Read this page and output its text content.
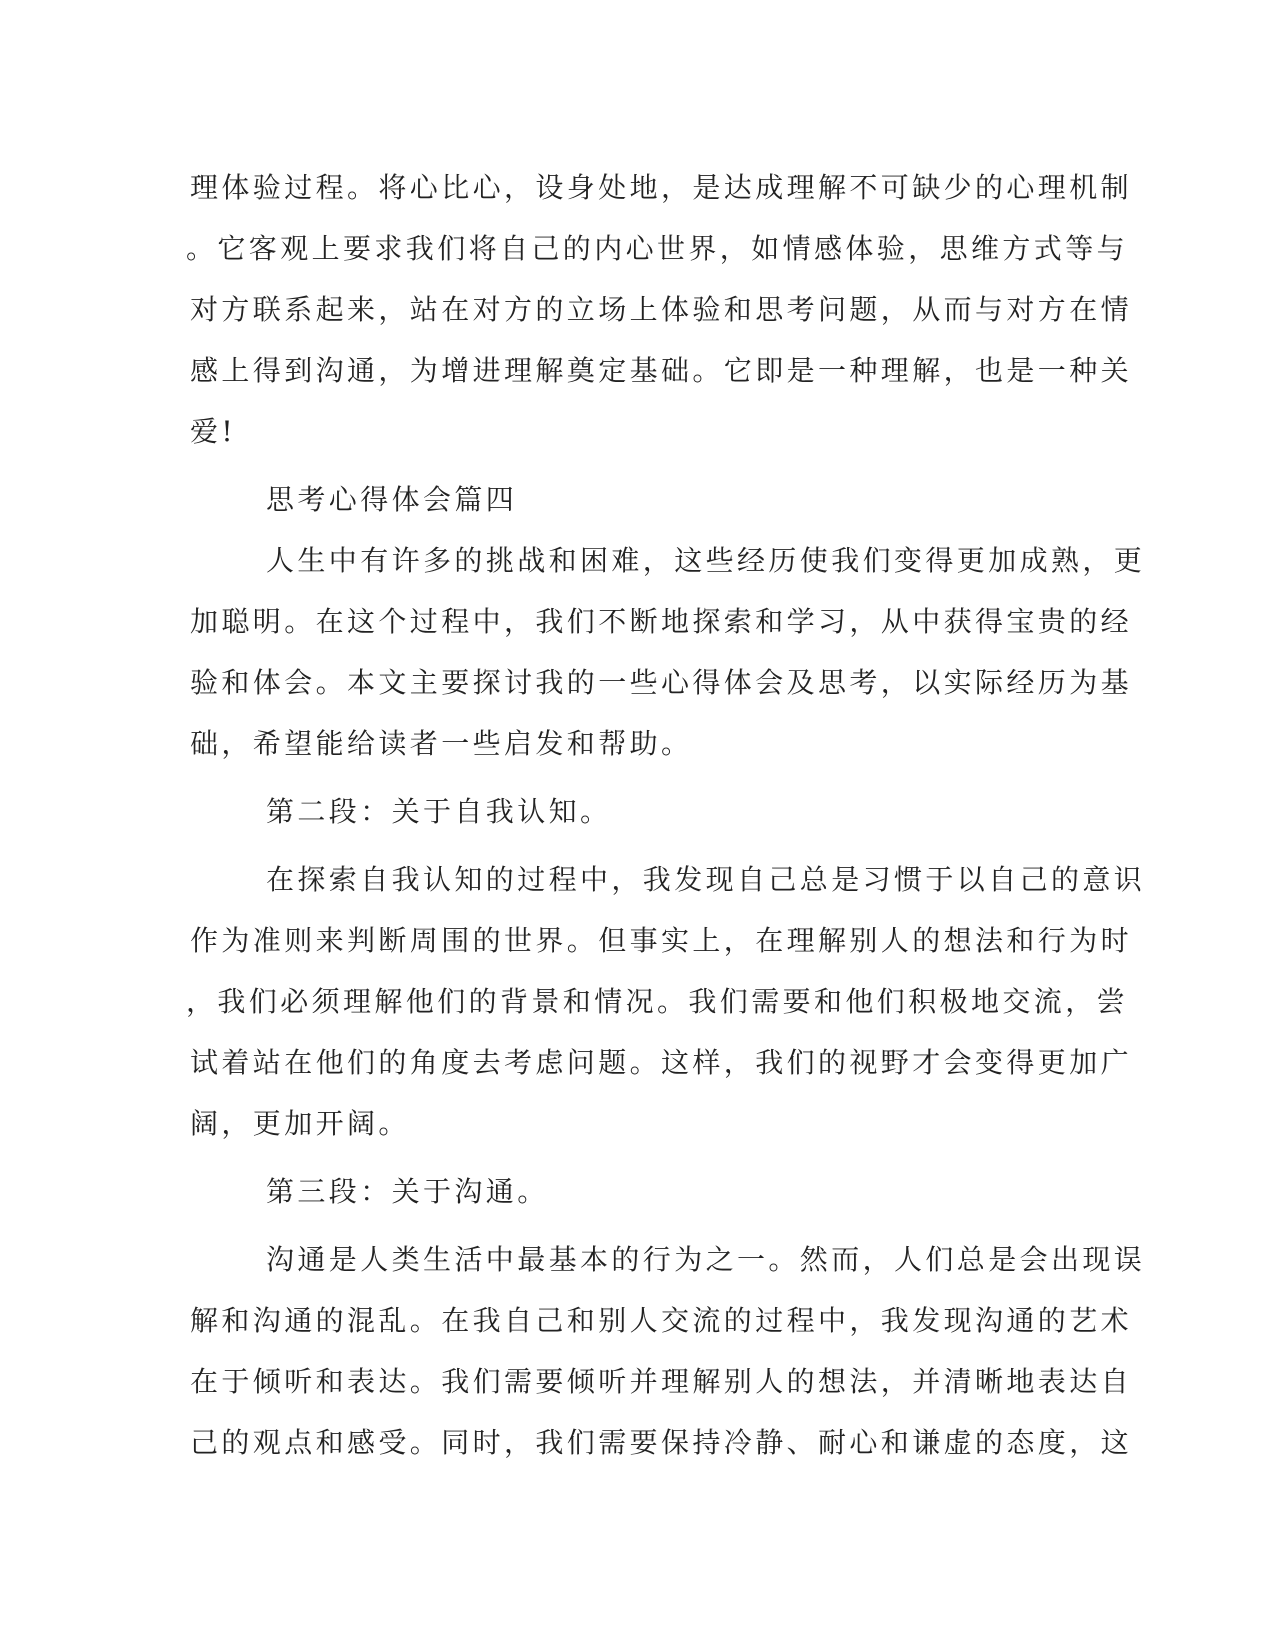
理体验过程。将心比心，设身处地，是达成理解不可缺少的心理机制
。它客观上要求我们将自己的内心世界，如情感体验，思维方式等与
对方联系起来，站在对方的立场上体验和思考问题，从而与对方在情
感上得到沟通，为增进理解奠定基础。它即是一种理解，也是一种关
爱!
思考心得体会篇四
人生中有许多的挑战和困难，这些经历使我们变得更加成熟，更
加聪明。在这个过程中，我们不断地探索和学习，从中获得宝贵的经
验和体会。本文主要探讨我的一些心得体会及思考，以实际经历为基
础，希望能给读者一些启发和帮助。
第二段：关于自我认知。
在探索自我认知的过程中，我发现自己总是习惯于以自己的意识
作为准则来判断周围的世界。但事实上，在理解别人的想法和行为时
，我们必须理解他们的背景和情况。我们需要和他们积极地交流，尝
试着站在他们的角度去考虑问题。这样，我们的视野才会变得更加广
阔，更加开阔。
第三段：关于沟通。
沟通是人类生活中最基本的行为之一。然而，人们总是会出现误
解和沟通的混乱。在我自己和别人交流的过程中，我发现沟通的艺术
在于倾听和表达。我们需要倾听并理解别人的想法，并清晰地表达自
己的观点和感受。同时，我们需要保持冷静、耐心和谦虚的态度，这
